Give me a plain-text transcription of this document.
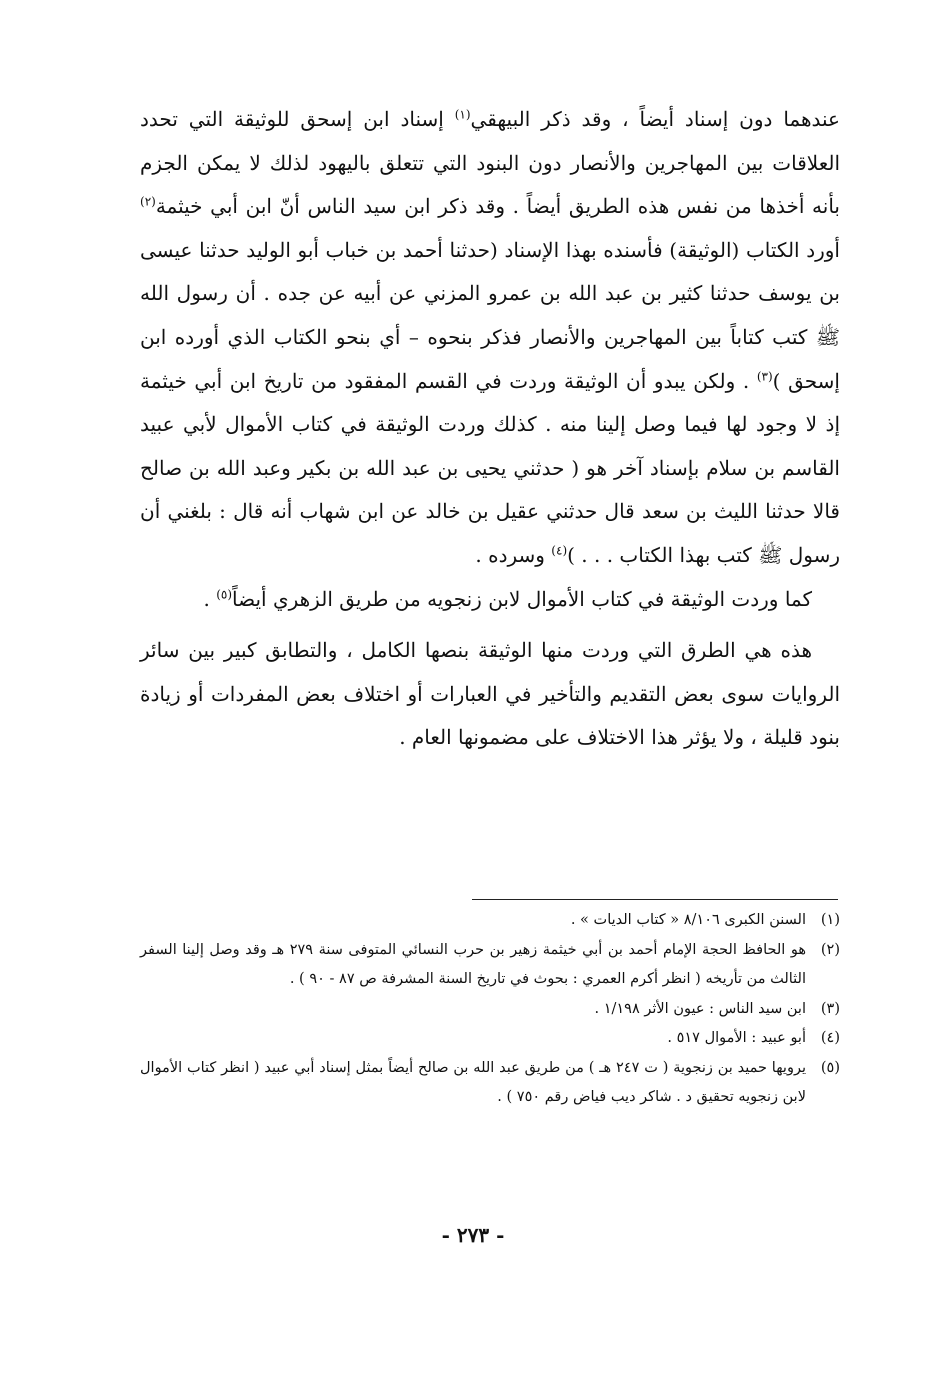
عندهما دون إسناد أيضاً ، وقد ذكر البيهقي$^{(١)}$ إسناد ابن إسحق للوثيقة التي تحدد العلاقات بين المهاجرين والأنصار دون البنود التي تتعلق باليهود لذلك لا يمكن الجزم بأنه أخذها من نفس هذه الطريق أيضاً . وقد ذكر ابن سيد الناس أنّ ابن أبي خيثمة$^{(٢)}$ أورد الكتاب (الوثيقة) فأسنده بهذا الإسناد (حدثنا أحمد بن خباب أبو الوليد حدثنا عيسى بن يوسف حدثنا كثير بن عبد الله بن عمرو المزني عن أبيه عن جده . أن رسول الله ﷺ كتب كتاباً بين المهاجرين والأنصار فذكر بنحوه – أي بنحو الكتاب الذي أورده ابن إسحق )$^{(٣)}$ . ولكن يبدو أن الوثيقة وردت في القسم المفقود من تاريخ ابن أبي خيثمة إذ لا وجود لها فيما وصل إلينا منه . كذلك وردت الوثيقة في كتاب الأموال لأبي عبيد القاسم بن سلام بإسناد آخر هو ( حدثني يحيى بن عبد الله بن بكير وعبد الله بن صالح قالا حدثنا الليث بن سعد قال حدثني عقيل بن خالد عن ابن شهاب أنه قال : بلغني أن رسول ﷺ كتب بهذا الكتاب . . . )$^{(٤)}$ وسرده .

كما وردت الوثيقة في كتاب الأموال لابن زنجويه من طريق الزهري أيضاً$^{(٥)}$ .

هذه هي الطرق التي وردت منها الوثيقة بنصها الكامل ، والتطابق كبير بين سائر الروايات سوى بعض التقديم والتأخير في العبارات أو اختلاف بعض المفردات أو زيادة بنود قليلة ، ولا يؤثر هذا الاختلاف على مضمونها العام .

(١)
السنن الكبرى ٨/١٠٦ « كتاب الديات » .
(٢)
هو الحافظ الحجة الإمام أحمد بن أبي خيثمة زهير بن حرب النسائي المتوفى سنة ٢٧٩ هـ وقد وصل إلينا السفر الثالث من تأريخه ( انظر أكرم العمري : بحوث في تاريخ السنة المشرفة ص ٨٧ - ٩٠ ) .
(٣)
ابن سيد الناس : عيون الأثر ١/١٩٨ .
(٤)
أبو عبيد : الأموال ٥١٧ .
(٥)
يرويها حميد بن زنجوية ( ت ٢٤٧ هـ ) من طريق عبد الله بن صالح أيضاً بمثل إسناد أبي عبيد ( انظر كتاب الأموال لابن زنجويه تحقيق د . شاكر ديب فياض رقم ٧٥٠ ) .
- ٢٧٣ -
